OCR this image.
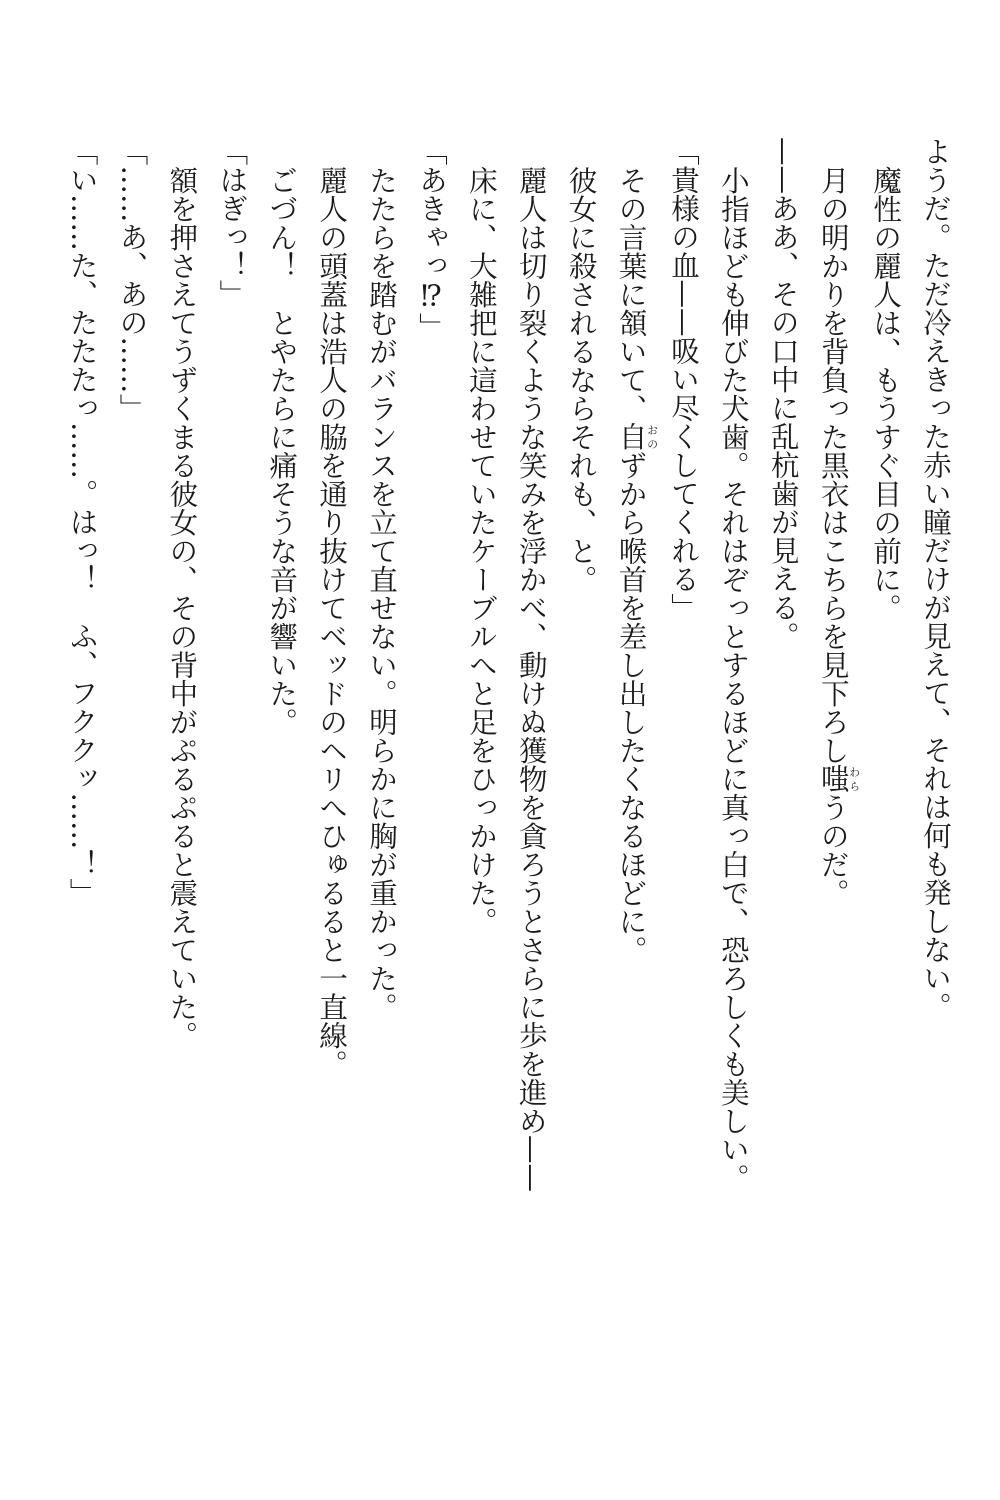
ようだ。ただ冷えきった赤い瞳だけが見えて、それは何も発しない。
魔性の麗人は、もうすぐ目の前に。
月の明かりを背負った黒衣はこちらを見下ろし嗤わらうのだ。
——ああ、その口中に乱杭歯が見える。
小指ほども伸びた犬歯。それはぞっとするほどに真っ白で、恐ろしくも美しい。
「貴様の血——吸い尽くしてくれる」
その言葉に頷いて、自おのずから喉首を差し出したくなるほどに。
彼女に殺されるならそれも、と。
麗人は切り裂くような笑みを浮かべ、動けぬ獲物を貪ろうとさらに歩を進め——
床に、大雑把に這わせていたケーブルへと足をひっかけた。
「あきゃっ⁉」
たたらを踏むがバランスを立て直せない。明らかに胸が重かった。
麗人の頭蓋は浩人の脇を通り抜けてベッドのヘリへひゅるると一直線。
ごづん！　とやたらに痛そうな音が響いた。
「はぎっ！」
額を押さえてうずくまる彼女の、その背中がぷるぷると震えていた。
「……あ、あの……」
「い……た、たたたっ……。はっ！　ふ、フククッ……！」
